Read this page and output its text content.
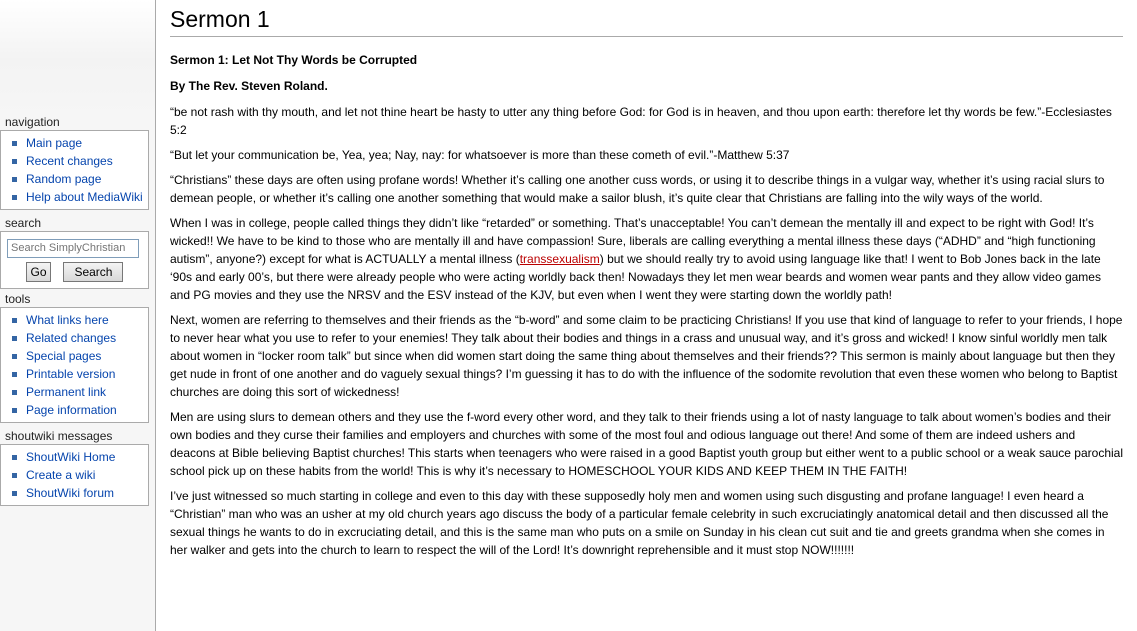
navigation
Main page
Recent changes
Random page
Help about MediaWiki
search
Search SimplyChristian
Go Search
tools
What links here
Related changes
Special pages
Printable version
Permanent link
Page information
shoutwiki messages
ShoutWiki Home
Create a wiki
ShoutWiki forum
Sermon 1

Sermon 1: Let Not Thy Words be Corrupted

By The Rev. Steven Roland.

“be not rash with thy mouth, and let not thine heart be hasty to utter any thing before God: for God is in heaven, and thou upon earth: therefore let thy words be few.”-Ecclesiastes 5:2

“But let your communication be, Yea, yea; Nay, nay: for whatsoever is more than these cometh of evil.”-Matthew 5:37

“Christians” these days are often using profane words! Whether it’s calling one another cuss words, or using it to describe things in a vulgar way, whether it’s using racial slurs to demean people, or whether it’s calling one another something that would make a sailor blush, it’s quite clear that Christians are falling into the wily ways of the world.

When I was in college, people called things they didn’t like “retarded” or something. That’s unacceptable! You can’t demean the mentally ill and expect to be right with God! It’s wicked!! We have to be kind to those who are mentally ill and have compassion! Sure, liberals are calling everything a mental illness these days (“ADHD” and “high functioning autism”, anyone?) except for what is ACTUALLY a mental illness (transsexualism) but we should really try to avoid using language like that! I went to Bob Jones back in the late ‘90s and early 00’s, but there were already people who were acting worldly back then! Nowadays they let men wear beards and women wear pants and they allow video games and PG movies and they use the NRSV and the ESV instead of the KJV, but even when I went they were starting down the worldly path!

Next, women are referring to themselves and their friends as the “b-word” and some claim to be practicing Christians! If you use that kind of language to refer to your friends, I hope to never hear what you use to refer to your enemies! They talk about their bodies and things in a crass and unusual way, and it’s gross and wicked! I know sinful worldly men talk about women in “locker room talk” but since when did women start doing the same thing about themselves and their friends?? This sermon is mainly about language but then they get nude in front of one another and do vaguely sexual things? I’m guessing it has to do with the influence of the sodomite revolution that even these women who belong to Baptist churches are doing this sort of wickedness!

Men are using slurs to demean others and they use the f-word every other word, and they talk to their friends using a lot of nasty language to talk about women’s bodies and their own bodies and they curse their families and employers and churches with some of the most foul and odious language out there! And some of them are indeed ushers and deacons at Bible believing Baptist churches! This starts when teenagers who were raised in a good Baptist youth group but either went to a public school or a weak sauce parochial school pick up on these habits from the world! This is why it’s necessary to HOMESCHOOL YOUR KIDS AND KEEP THEM IN THE FAITH!

I’ve just witnessed so much starting in college and even to this day with these supposedly holy men and women using such disgusting and profane language! I even heard a “Christian” man who was an usher at my old church years ago discuss the body of a particular female celebrity in such excruciatingly anatomical detail and then discussed all the sexual things he wants to do in excruciating detail, and this is the same man who puts on a smile on Sunday in his clean cut suit and tie and greets grandma when she comes in her walker and gets into the church to learn to respect the will of the Lord! It’s downright reprehensible and it must stop NOW!!!!!!!
